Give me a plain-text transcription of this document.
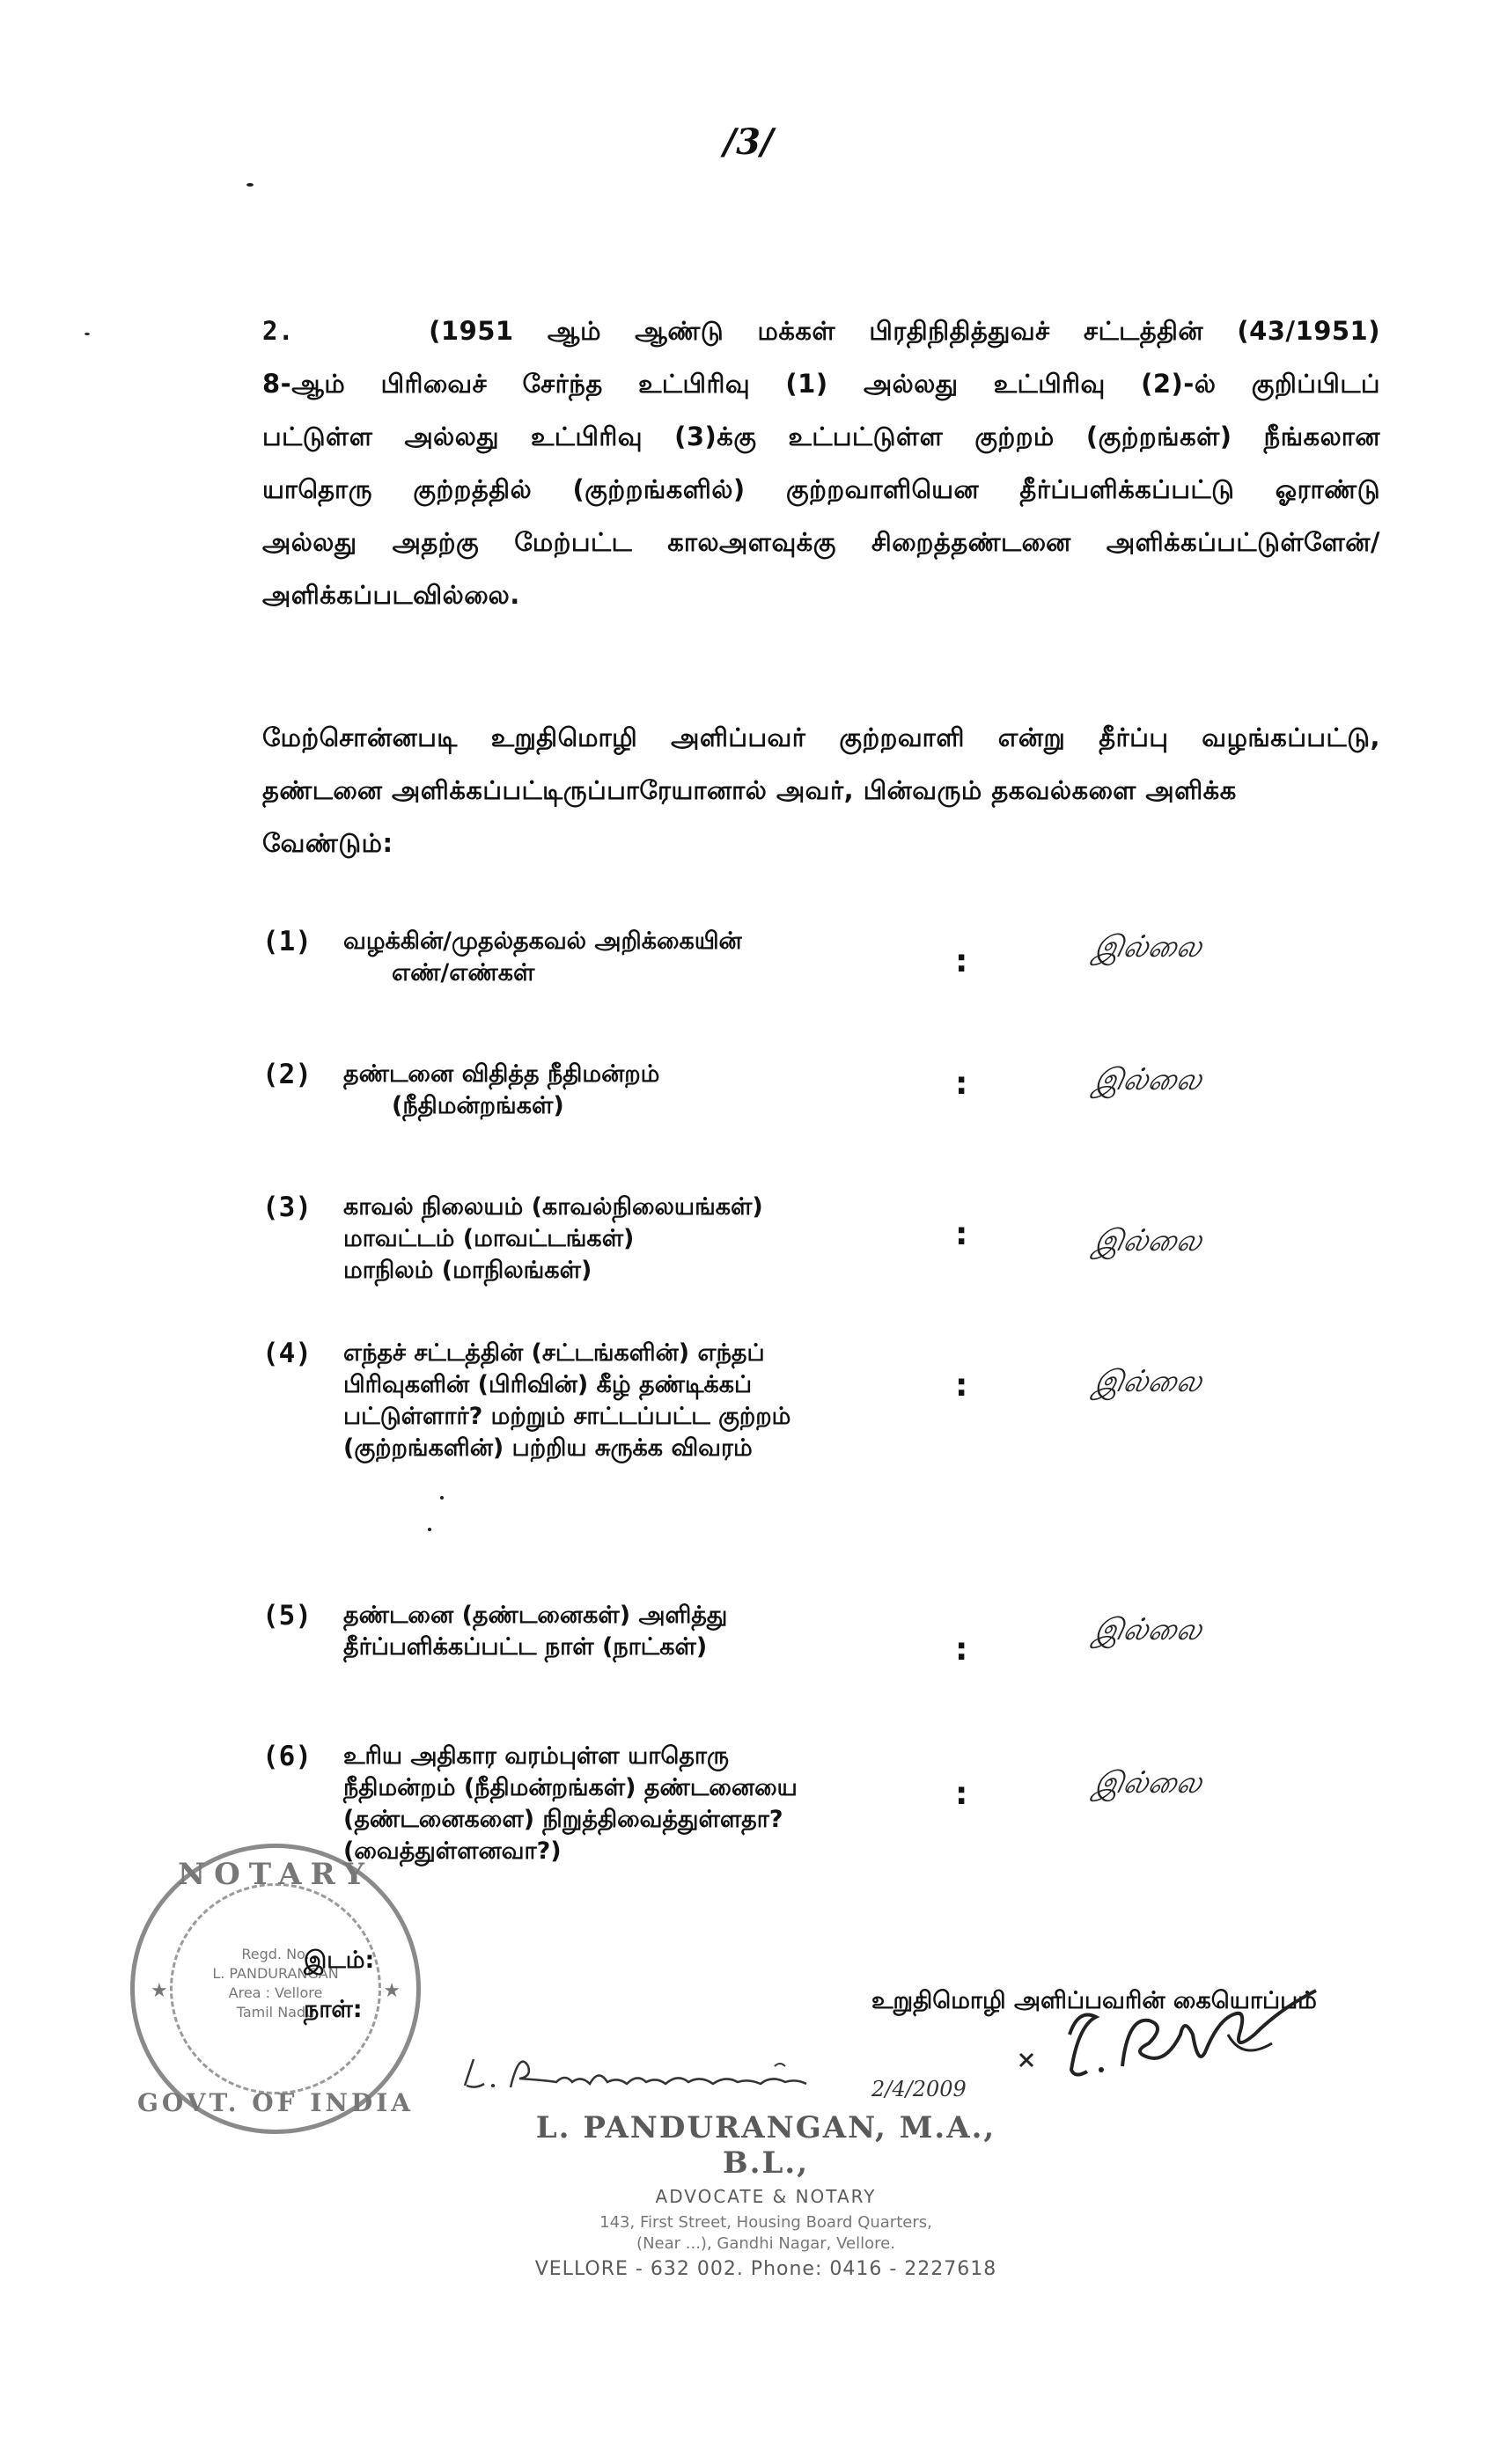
/3/
2.	(1951 ஆம் ஆண்டு மக்கள் பிரதிநிதித்துவச் சட்டத்தின் (43/1951)
8-ஆம் பிரிவைச் சேர்ந்த உட்பிரிவு (1) அல்லது உட்பிரிவு (2)-ல் குறிப்பிடப்
பட்டுள்ள அல்லது உட்பிரிவு (3)க்கு உட்பட்டுள்ள குற்றம் (குற்றங்கள்) நீங்கலான
யாதொரு குற்றத்தில் (குற்றங்களில்) குற்றவாளியென தீர்ப்பளிக்கப்பட்டு ஓராண்டு
அல்லது அதற்கு மேற்பட்ட காலஅளவுக்கு சிறைத்தண்டனை அளிக்கப்பட்டுள்ளேன்/
அளிக்கப்படவில்லை.
மேற்சொன்னபடி உறுதிமொழி அளிப்பவர் குற்றவாளி என்று தீர்ப்பு வழங்கப்பட்டு,
தண்டனை அளிக்கப்பட்டிருப்பாரேயானால் அவர், பின்வரும் தகவல்களை அளிக்க
வேண்டும்:
(1) வழக்கின்/முதல்தகவல் அறிக்கையின்
எண்/எண்கள்	:	இல்லை
(2) தண்டனை விதித்த நீதிமன்றம்
(நீதிமன்றங்கள்)
:	இல்லை
(3) காவல் நிலையம் (காவல்நிலையங்கள்)
மாவட்டம் (மாவட்டங்கள்)
மாநிலம் (மாநிலங்கள்)
:	இல்லை
(4) எந்தச் சட்டத்தின் (சட்டங்களின்) எந்தப்
பிரிவுகளின் (பிரிவின்) கீழ் தண்டிக்கப்
பட்டுள்ளார்? மற்றும் சாட்டப்பட்ட குற்றம்
(குற்றங்களின்) பற்றிய சுருக்க விவரம்
:	இல்லை
(5) தண்டனை (தண்டனைகள்) அளித்து
தீர்ப்பளிக்கப்பட்ட நாள் (நாட்கள்)	:
இல்லை
(6) உரிய அதிகார வரம்புள்ள யாதொரு
நீதிமன்றம் (நீதிமன்றங்கள்) தண்டனையை
(தண்டனைகளை) நிறுத்திவைத்துள்ளதா?
(வைத்துள்ளனவா?)
:	இல்லை
உறுதிமொழி அளிப்பவரின் கையொப்பம்
NOTARY
Regd. No.
L. PANDURANGAN
Area : Vellore
Tamil Nadu
★	★
GOVT. OF INDIA
இடம்:
நாள்:
2/4/2009
L. PANDURANGAN, M.A., B.L.,
ADVOCATE & NOTARY
143, First Street, Housing Board Quarters,
(Near ...), Gandhi Nagar, Vellore.
VELLORE - 632 002. Phone: 0416 - 2227618
